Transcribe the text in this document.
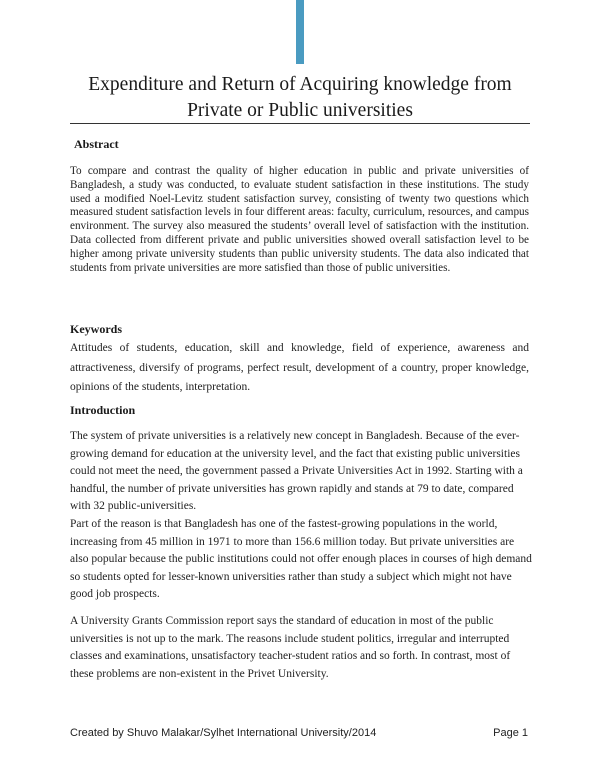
Expenditure and Return of Acquiring knowledge from Private or Public universities
Abstract
To compare and contrast the quality of higher education in public and private universities of Bangladesh, a study was conducted, to evaluate student satisfaction in these institutions. The study used a modified Noel-Levitz student satisfaction survey, consisting of twenty two questions which measured student satisfaction levels in four different areas: faculty, curriculum, resources, and campus environment. The survey also measured the students’ overall level of satisfaction with the institution. Data collected from different private and public universities showed overall satisfaction level to be higher among private university students than public university students. The data also indicated that students from private universities are more satisfied than those of public universities.
Keywords
Attitudes of students, education, skill and knowledge, field of experience, awareness and attractiveness, diversify of programs, perfect result, development of a country, proper knowledge, opinions of the students, interpretation.
Introduction
The system of private universities is a relatively new concept in Bangladesh. Because of the ever-growing demand for education at the university level, and the fact that existing public universities could not meet the need, the government passed a Private Universities Act in 1992. Starting with a handful, the number of private universities has grown rapidly and stands at 79 to date, compared with 32 public-universities.
Part of the reason is that Bangladesh has one of the fastest-growing populations in the world, increasing from 45 million in 1971 to more than 156.6 million today. But private universities are also popular because the public institutions could not offer enough places in courses of high demand so students opted for lesser-known universities rather than study a subject which might not have good job prospects.
A University Grants Commission report says the standard of education in most of the public universities is not up to the mark. The reasons include student politics, irregular and interrupted classes and examinations, unsatisfactory teacher-student ratios and so forth. In contrast, most of these problems are non-existent in the Privet University.
Created by Shuvo Malakar/Sylhet International University/2014	Page 1
